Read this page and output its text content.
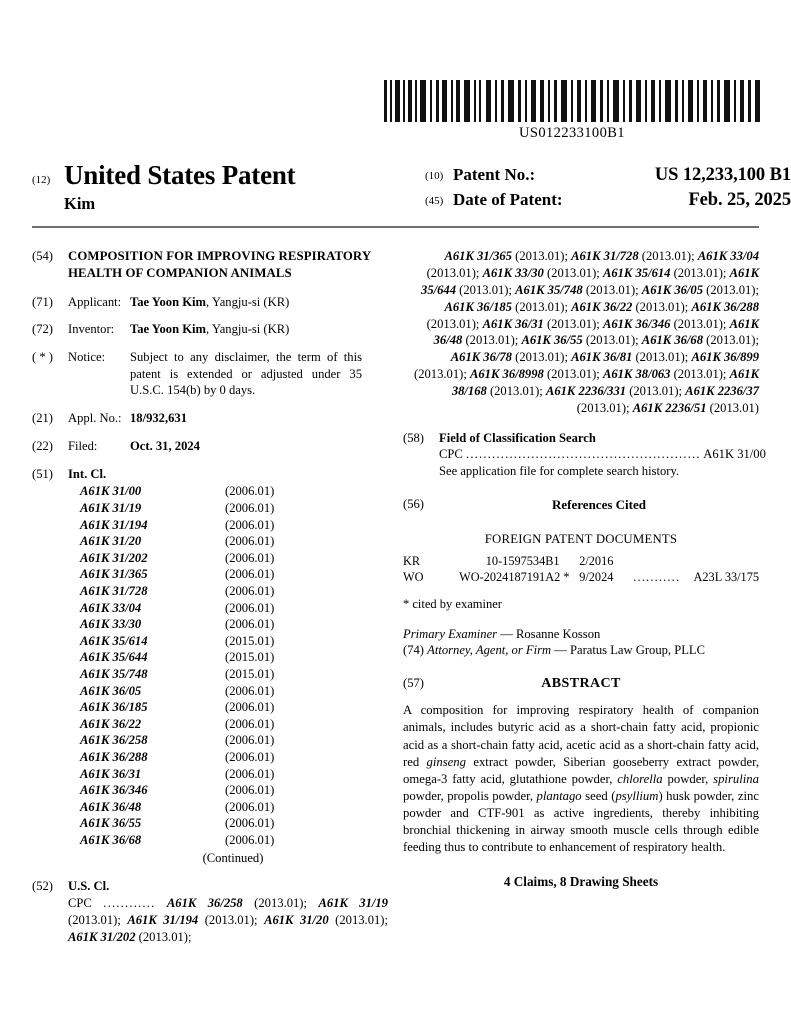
US012233100B1
(12) United States Patent
Kim
(10) Patent No.:	US 12,233,100 B1
(45) Date of Patent:	Feb. 25, 2025
(54)	COMPOSITION FOR IMPROVING RESPIRATORY HEALTH OF COMPANION ANIMALS
(71)	Applicant: Tae Yoon Kim, Yangju-si (KR)
(72)	Inventor: Tae Yoon Kim, Yangju-si (KR)
( * )	Notice: Subject to any disclaimer, the term of this patent is extended or adjusted under 35 U.S.C. 154(b) by 0 days.
(21)	Appl. No.: 18/932,631
(22)	Filed:	Oct. 31, 2024
(51)	Int. Cl.
A61K 31/00	(2006.01)
A61K 31/19	(2006.01)
A61K 31/194	(2006.01)
A61K 31/20	(2006.01)
A61K 31/202	(2006.01)
A61K 31/365	(2006.01)
A61K 31/728	(2006.01)
A61K 33/04	(2006.01)
A61K 33/30	(2006.01)
A61K 35/614	(2015.01)
A61K 35/644	(2015.01)
A61K 35/748	(2015.01)
A61K 36/05	(2006.01)
A61K 36/185	(2006.01)
A61K 36/22	(2006.01)
A61K 36/258	(2006.01)
A61K 36/288	(2006.01)
A61K 36/31	(2006.01)
A61K 36/346	(2006.01)
A61K 36/48	(2006.01)
A61K 36/55	(2006.01)
A61K 36/68	(2006.01)
(Continued)
(52)	U.S. Cl.
CPC ............ A61K 36/258 (2013.01); A61K 31/19 (2013.01); A61K 31/194 (2013.01); A61K 31/20 (2013.01); A61K 31/202 (2013.01);
A61K 31/365 (2013.01); A61K 31/728 (2013.01); A61K 33/04 (2013.01); A61K 33/30 (2013.01); A61K 35/614 (2013.01); A61K 35/644 (2013.01); A61K 35/748 (2013.01); A61K 36/05 (2013.01); A61K 36/185 (2013.01); A61K 36/22 (2013.01); A61K 36/288 (2013.01); A61K 36/31 (2013.01); A61K 36/346 (2013.01); A61K 36/48 (2013.01); A61K 36/55 (2013.01); A61K 36/68 (2013.01); A61K 36/78 (2013.01); A61K 36/81 (2013.01); A61K 36/899 (2013.01); A61K 36/8998 (2013.01); A61K 38/063 (2013.01); A61K 38/168 (2013.01); A61K 2236/331 (2013.01); A61K 2236/37 (2013.01); A61K 2236/51 (2013.01)
(58)	Field of Classification Search
CPC ...................................................... A61K 31/00
See application file for complete search history.
(56)	References Cited
FOREIGN PATENT DOCUMENTS
KR	10-1597534	B1	2/2016		
WO	WO-2024187191	A2 *	9/2024	...........	A23L 33/175
* cited by examiner
Primary Examiner — Rosanne Kosson
(74) Attorney, Agent, or Firm — Paratus Law Group, PLLC
(57)	ABSTRACT
A composition for improving respiratory health of companion animals, includes butyric acid as a short-chain fatty acid, propionic acid as a short-chain fatty acid, acetic acid as a short-chain fatty acid, red ginseng extract powder, Siberian gooseberry extract powder, omega-3 fatty acid, glutathione powder, chlorella powder, spirulina powder, propolis powder, plantago seed (psyllium) husk powder, zinc powder and CTF-901 as active ingredients, thereby inhibiting bronchial thickening in airway smooth muscle cells through edible feeding thus to contribute to enhancement of respiratory health.
4 Claims, 8 Drawing Sheets
